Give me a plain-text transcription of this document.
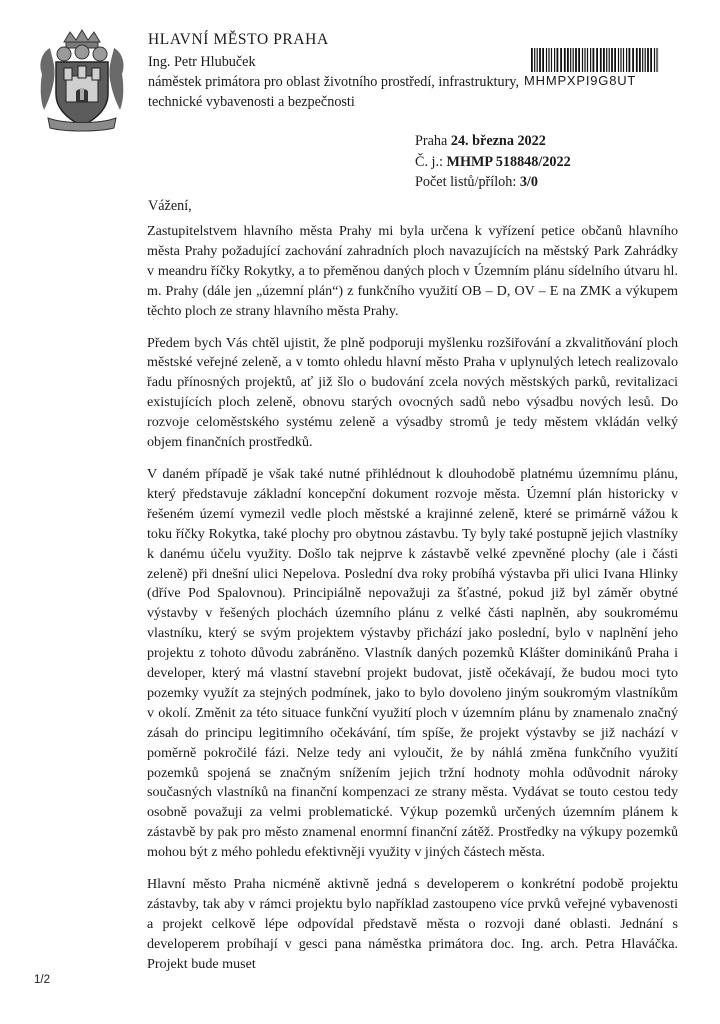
HLAVNÍ MĚSTO PRAHA
Ing. Petr Hlubuček
náměstek primátora pro oblast životního prostředí, infrastruktury,
technické vybavenosti a bezpečnosti
MHMPXPI9G8UT
Praha 24. března 2022
Č. j.: MHMP 518848/2022
Počet listů/příloh: 3/0
Vážení,

Zastupitelstvem hlavního města Prahy mi byla určena k vyřízení petice občanů hlavního města Prahy požadující zachování zahradních ploch navazujících na městský Park Zahrádky v meandru říčky Rokytky, a to přeměnou daných ploch v Územním plánu sídelního útvaru hl. m. Prahy (dále jen „územní plán“) z funkčního využití OB – D, OV – E na ZMK a výkupem těchto ploch ze strany hlavního města Prahy.

Předem bych Vás chtěl ujistit, že plně podporuji myšlenku rozšiřování a zkvalitňování ploch městské veřejné zeleně, a v tomto ohledu hlavní město Praha v uplynulých letech realizovalo řadu přínosných projektů, ať již šlo o budování zcela nových městských parků, revitalizaci existujících ploch zeleně, obnovu starých ovocných sadů nebo výsadbu nových lesů. Do rozvoje celoměstského systému zeleně a výsadby stromů je tedy městem vkládán velký objem finančních prostředků.

V daném případě je však také nutné přihlédnout k dlouhodobě platnému územnímu plánu, který představuje základní koncepční dokument rozvoje města. Územní plán historicky v řešeném území vymezil vedle ploch městské a krajinné zeleně, které se primárně vážou k toku říčky Rokytka, také plochy pro obytnou zástavbu. Ty byly také postupně jejich vlastníky k danému účelu využity. Došlo tak nejprve k zástavbě velké zpevněné plochy (ale i části zeleně) při dnešní ulici Nepelova. Poslední dva roky probíhá výstavba při ulici Ivana Hlinky (dříve Pod Spalovnou). Principiálně nepovažuji za šťastné, pokud již byl záměr obytné výstavby v řešených plochách územního plánu z velké části naplněn, aby soukromému vlastníku, který se svým projektem výstavby přichází jako poslední, bylo v naplnění jeho projektu z tohoto důvodu zabráněno. Vlastník daných pozemků Klášter dominikánů Praha i developer, který má vlastní stavební projekt budovat, jistě očekávají, že budou moci tyto pozemky využít za stejných podmínek, jako to bylo dovoleno jiným soukromým vlastníkům v okolí. Změnit za této situace funkční využití ploch v územním plánu by znamenalo značný zásah do principu legitimního očekávání, tím spíše, že projekt výstavby se již nachází v poměrně pokročilé fázi. Nelze tedy ani vyloučit, že by náhlá změna funkčního využití pozemků spojená se značným snížením jejich tržní hodnoty mohla odůvodnit nároky současných vlastníků na finanční kompenzaci ze strany města. Vydávat se touto cestou tedy osobně považuji za velmi problematické. Výkup pozemků určených územním plánem k zástavbě by pak pro město znamenal enormní finanční zátěž. Prostředky na výkupy pozemků mohou být z mého pohledu efektivněji využity v jiných částech města.

Hlavní město Praha nicméně aktivně jedná s developerem o konkrétní podobě projektu zástavby, tak aby v rámci projektu bylo například zastoupeno více prvků veřejné vybavenosti a projekt celkově lépe odpovídal představě města o rozvoji dané oblasti. Jednání s developerem probíhají v gesci pana náměstka primátora doc. Ing. arch. Petra Hlaváčka. Projekt bude muset

1/2
